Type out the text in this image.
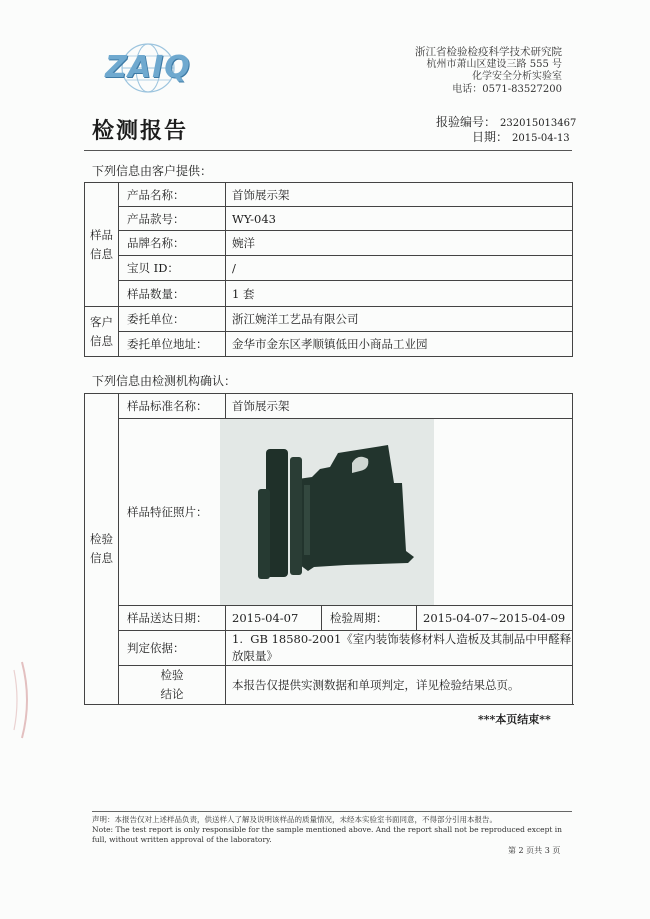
ZAIQ	浙江省检验检疫科学技术研究院
杭州市萧山区建设三路 555 号
化学安全分析实验室
电话：0571-83527200
检测报告	报验编号： 232015013467
日期： 2015-04-13
下列信息由客户提供：
样品信息	产品名称：	首饰展示架
	产品款号：	WY-043
	品牌名称：	婉洋
	宝贝 ID：	/
	样品数量：	1 套
客户信息	委托单位：	浙江婉洋工艺品有限公司
	委托单位地址：	金华市金东区孝顺镇低田小商品工业园
下列信息由检测机构确认：
检验信息	样品标准名称：	首饰展示架		
	样品特征照片：	

	样品送达日期：	2015-04-07	检验周期：	2015-04-07~2015-04-09
	判定依据：	1.  GB 18580-2001《室内装饰装修材料人造板及其制品中甲醛释放限量》		
	检验结论	本报告仅提供实测数据和单项判定，详见检验结果总页。		
***本页结束**
声明：本报告仅对上述样品负责，供送样人了解及说明该样品的质量情况，未经本实验室书面同意，不得部分引用本报告。
Note: The test report is only responsible for the sample mentioned above. And the report shall not be reproduced except in full, without written approval of the laboratory.
第 2 页共 3 页
